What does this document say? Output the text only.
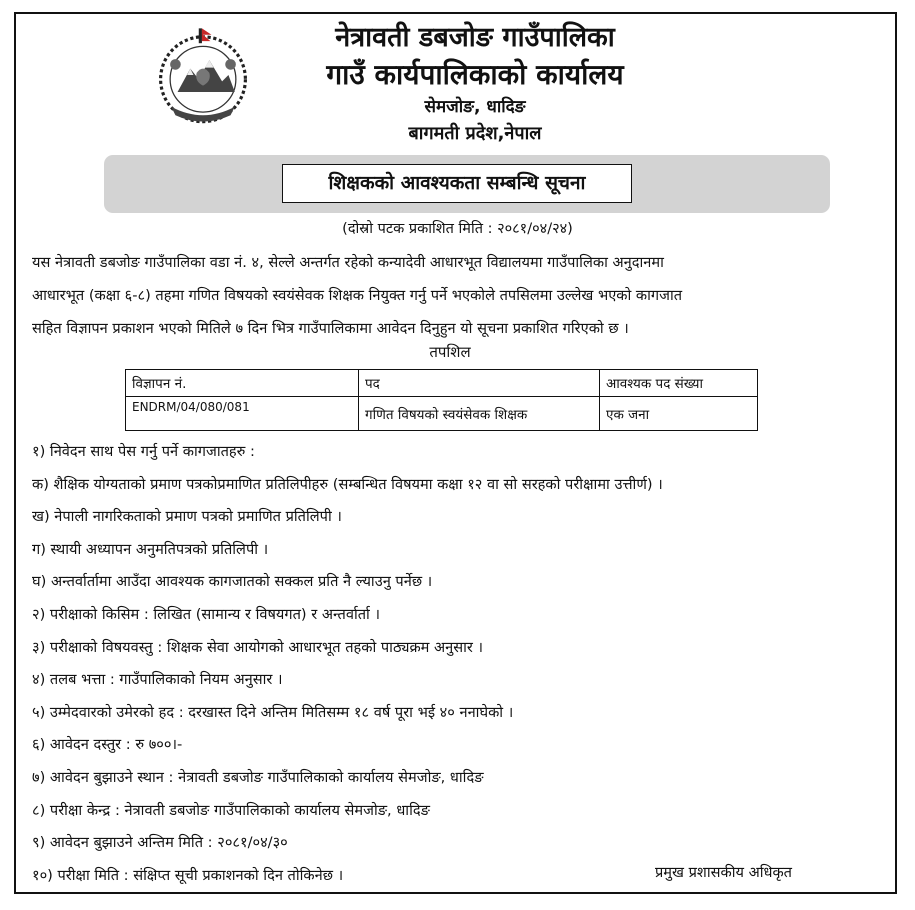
नेत्रावती डबजोङ गाउँपालिका
गाउँ कार्यपालिकाको कार्यालय
सेमजोङ, धादिङ
बागमती प्रदेश,नेपाल
शिक्षकको आवश्यकता सम्बन्धि सूचना
(दोस्रो पटक प्रकाशित मिति : २०८१/०४/२४)
यस नेत्रावती डबजोङ गाउँपालिका वडा नं. ४, सेल्ले अन्तर्गत रहेको कन्यादेवी आधारभूत विद्यालयमा गाउँपालिका अनुदानमा
आधारभूत (कक्षा ६-८) तहमा गणित विषयको स्वयंसेवक शिक्षक नियुक्त गर्नु पर्ने भएकोले तपसिलमा उल्लेख भएको कागजात
सहित विज्ञापन प्रकाशन भएको मितिले ७ दिन भित्र गाउँपालिकामा आवेदन दिनुहुन यो सूचना प्रकाशित गरिएको छ ।
तपशिल
विज्ञापन नं.	पद	आवश्यक पद संख्या
ENDRM/04/080/081	गणित विषयको स्वयंसेवक शिक्षक	एक जना
१) निवेदन साथ पेस गर्नु पर्ने कागजातहरु :
क) शैक्षिक योग्यताको प्रमाण पत्रकोप्रमाणित प्रतिलिपीहरु (सम्बन्धित विषयमा कक्षा १२ वा सो सरहको परीक्षामा उत्तीर्ण) ।
ख) नेपाली नागरिकताको प्रमाण पत्रको प्रमाणित प्रतिलिपी ।
ग) स्थायी अध्यापन अनुमतिपत्रको प्रतिलिपी ।
घ) अन्तर्वार्तामा आउँदा आवश्यक कागजातको सक्कल प्रति नै ल्याउनु पर्नेछ ।
२) परीक्षाको किसिम : लिखित (सामान्य र विषयगत) र अन्तर्वार्ता ।
३) परीक्षाको विषयवस्तु : शिक्षक सेवा आयोगको आधारभूत तहको पाठ्यक्रम अनुसार ।
४) तलब भत्ता : गाउँपालिकाको नियम अनुसार ।
५) उम्मेदवारको उमेरको हद : दरखास्त दिने अन्तिम मितिसम्म १८ वर्ष पूरा भई ४० ननाघेको ।
६) आवेदन दस्तुर : रु ७००।-
७) आवेदन बुझाउने स्थान : नेत्रावती डबजोङ गाउँपालिकाको कार्यालय सेमजोङ, धादिङ
८) परीक्षा केन्द्र : नेत्रावती डबजोङ गाउँपालिकाको कार्यालय सेमजोङ, धादिङ
९) आवेदन बुझाउने अन्तिम मिति : २०८१/०४/३०
१०) परीक्षा मिति : संक्षिप्त सूची प्रकाशनको दिन तोकिनेछ ।	प्रमुख प्रशासकीय अधिकृत
